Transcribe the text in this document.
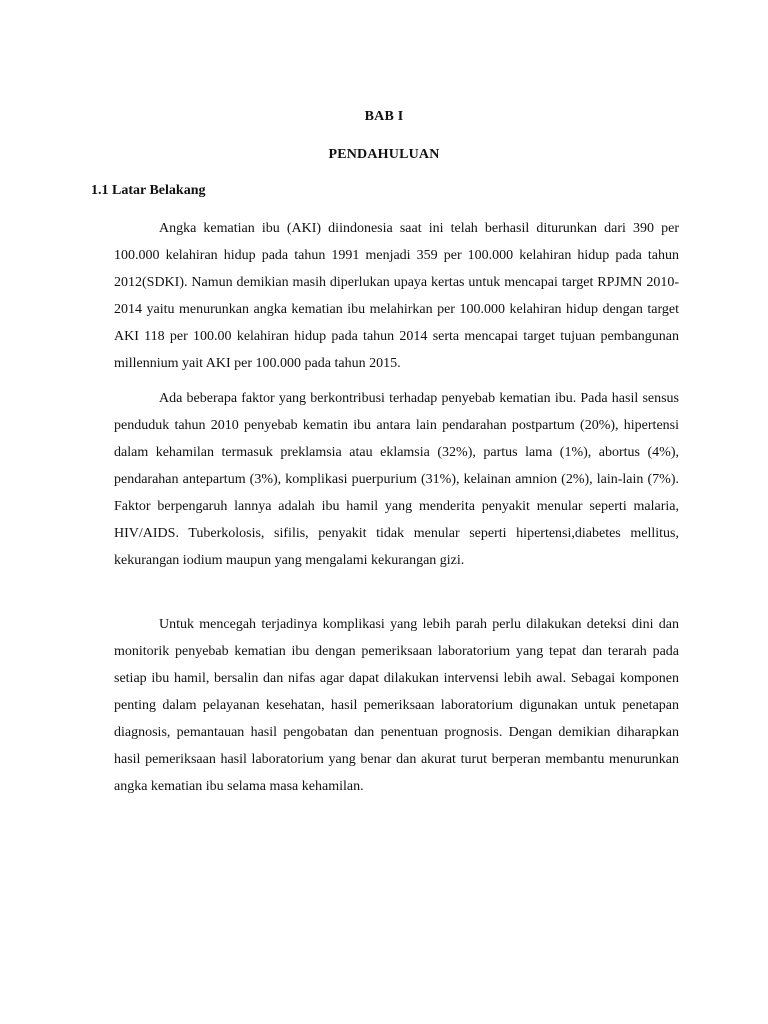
BAB I
PENDAHULUAN
1.1 Latar Belakang

Angka kematian ibu (AKI) diindonesia saat ini telah berhasil diturunkan dari 390 per 100.000 kelahiran hidup pada tahun 1991 menjadi 359 per 100.000 kelahiran hidup pada tahun 2012(SDKI). Namun demikian masih diperlukan upaya kertas untuk mencapai target RPJMN 2010-2014 yaitu menurunkan angka kematian ibu melahirkan per 100.000 kelahiran hidup dengan target AKI 118 per 100.00 kelahiran hidup pada tahun 2014 serta mencapai target tujuan pembangunan millennium yait AKI per 100.000 pada tahun 2015.

Ada beberapa faktor yang berkontribusi terhadap penyebab kematian ibu. Pada hasil sensus penduduk tahun 2010 penyebab kematin ibu antara lain pendarahan postpartum (20%), hipertensi dalam kehamilan termasuk preklamsia atau eklamsia (32%), partus lama (1%), abortus (4%), pendarahan antepartum (3%), komplikasi puerpurium (31%), kelainan amnion (2%), lain-lain (7%). Faktor berpengaruh lannya adalah ibu hamil yang menderita penyakit menular seperti malaria, HIV/AIDS. Tuberkolosis, sifilis, penyakit tidak menular seperti hipertensi,diabetes mellitus, kekurangan iodium maupun yang mengalami kekurangan gizi.

Untuk mencegah terjadinya komplikasi yang lebih parah perlu dilakukan deteksi dini dan monitorik penyebab kematian ibu dengan pemeriksaan laboratorium yang tepat dan terarah pada setiap ibu hamil, bersalin dan nifas agar dapat dilakukan intervensi lebih awal. Sebagai komponen penting dalam pelayanan kesehatan, hasil pemeriksaan laboratorium digunakan untuk penetapan diagnosis, pemantauan hasil pengobatan dan penentuan prognosis. Dengan demikian diharapkan hasil pemeriksaan hasil laboratorium yang benar dan akurat turut berperan membantu menurunkan angka kematian ibu selama masa kehamilan.
